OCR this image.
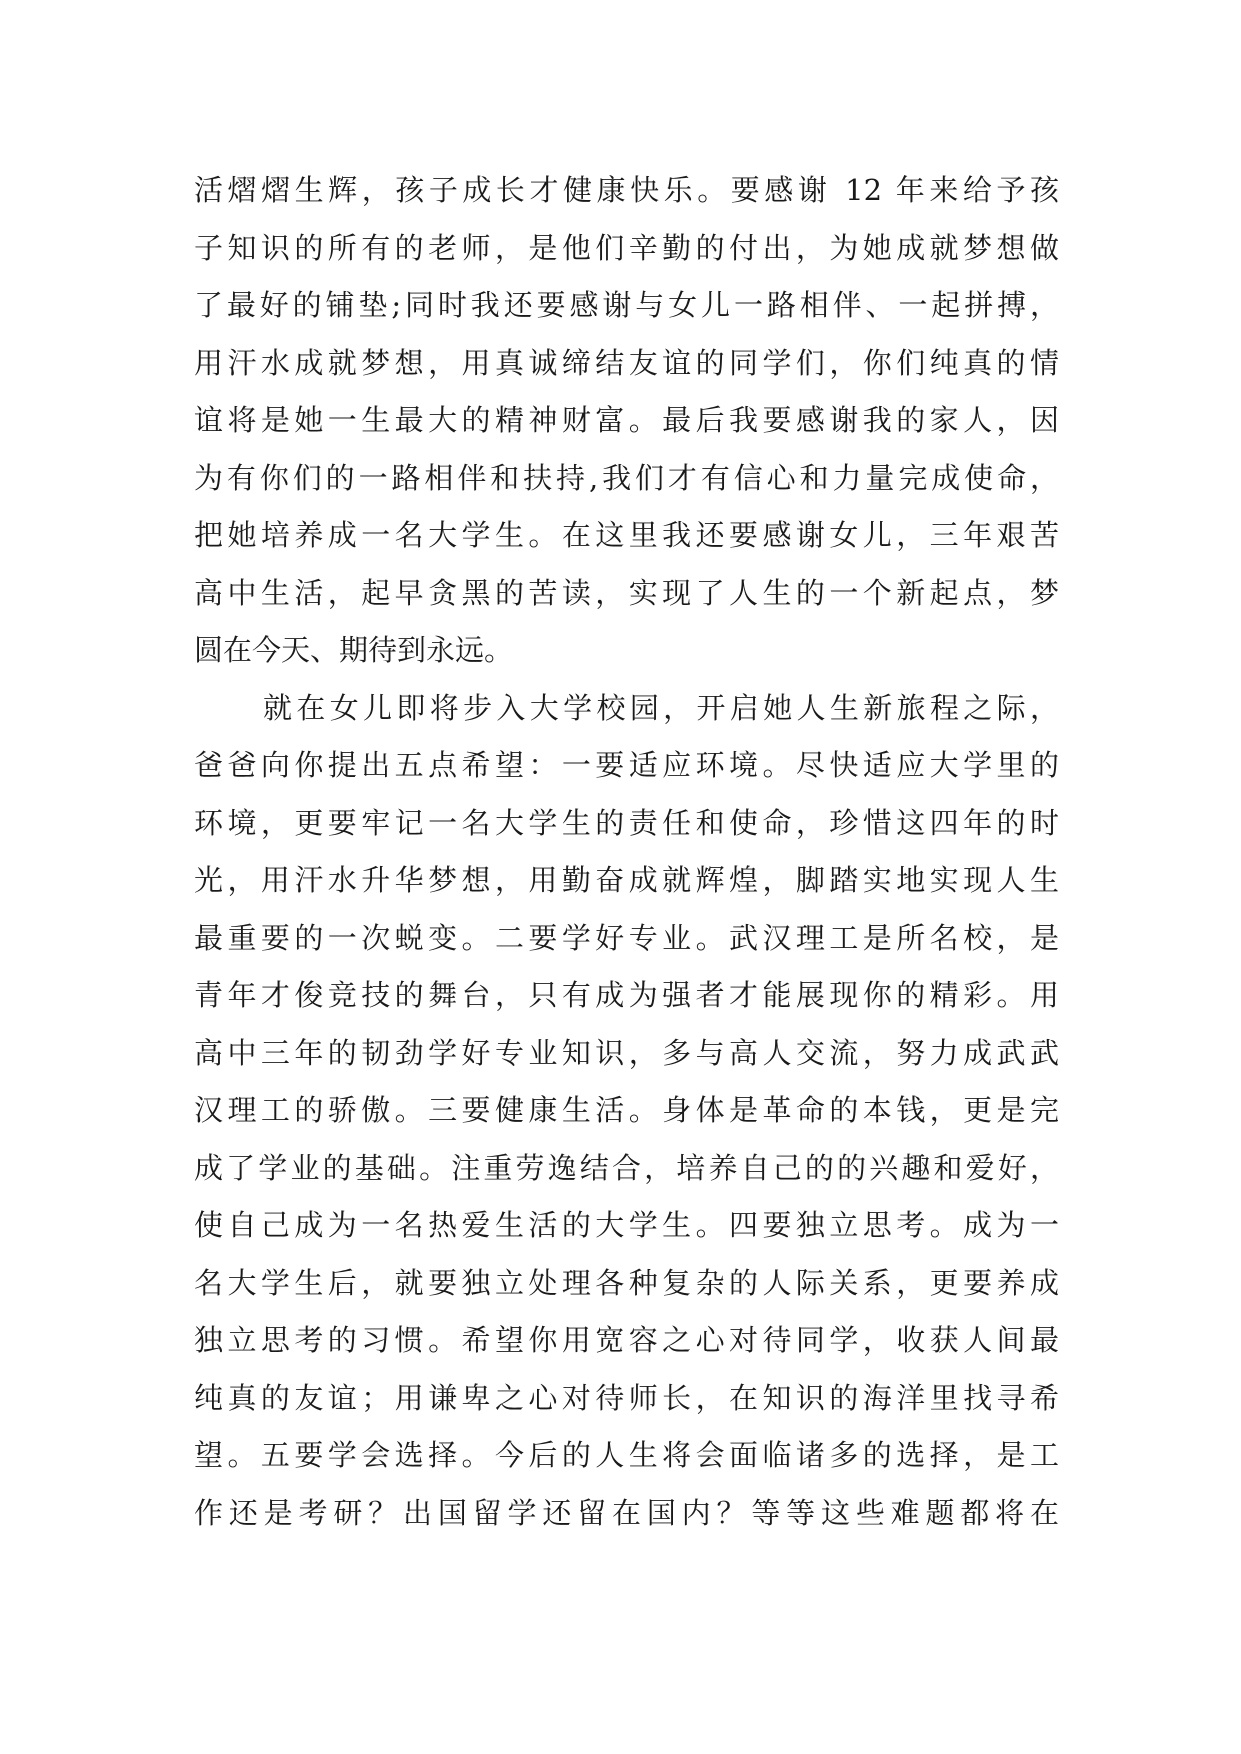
活熠熠生辉，孩子成长才健康快乐。要感谢 12 年来给予孩
子知识的所有的老师，是他们辛勤的付出，为她成就梦想做
了最好的铺垫;同时我还要感谢与女儿一路相伴、一起拼搏，
用汗水成就梦想，用真诚缔结友谊的同学们，你们纯真的情
谊将是她一生最大的精神财富。最后我要感谢我的家人，因
为有你们的一路相伴和扶持,我们才有信心和力量完成使命，
把她培养成一名大学生。在这里我还要感谢女儿，三年艰苦
高中生活，起早贪黑的苦读，实现了人生的一个新起点，梦
圆在今天、期待到永远。
就在女儿即将步入大学校园，开启她人生新旅程之际，
爸爸向你提出五点希望：一要适应环境。尽快适应大学里的
环境，更要牢记一名大学生的责任和使命，珍惜这四年的时
光，用汗水升华梦想，用勤奋成就辉煌，脚踏实地实现人生
最重要的一次蜕变。二要学好专业。武汉理工是所名校，是
青年才俊竞技的舞台，只有成为强者才能展现你的精彩。用
高中三年的韧劲学好专业知识，多与高人交流，努力成武武
汉理工的骄傲。三要健康生活。身体是革命的本钱，更是完
成了学业的基础。注重劳逸结合，培养自己的的兴趣和爱好，
使自己成为一名热爱生活的大学生。四要独立思考。成为一
名大学生后，就要独立处理各种复杂的人际关系，更要养成
独立思考的习惯。希望你用宽容之心对待同学，收获人间最
纯真的友谊；用谦卑之心对待师长，在知识的海洋里找寻希
望。五要学会选择。今后的人生将会面临诸多的选择，是工
作还是考研？出国留学还留在国内？等等这些难题都将在
